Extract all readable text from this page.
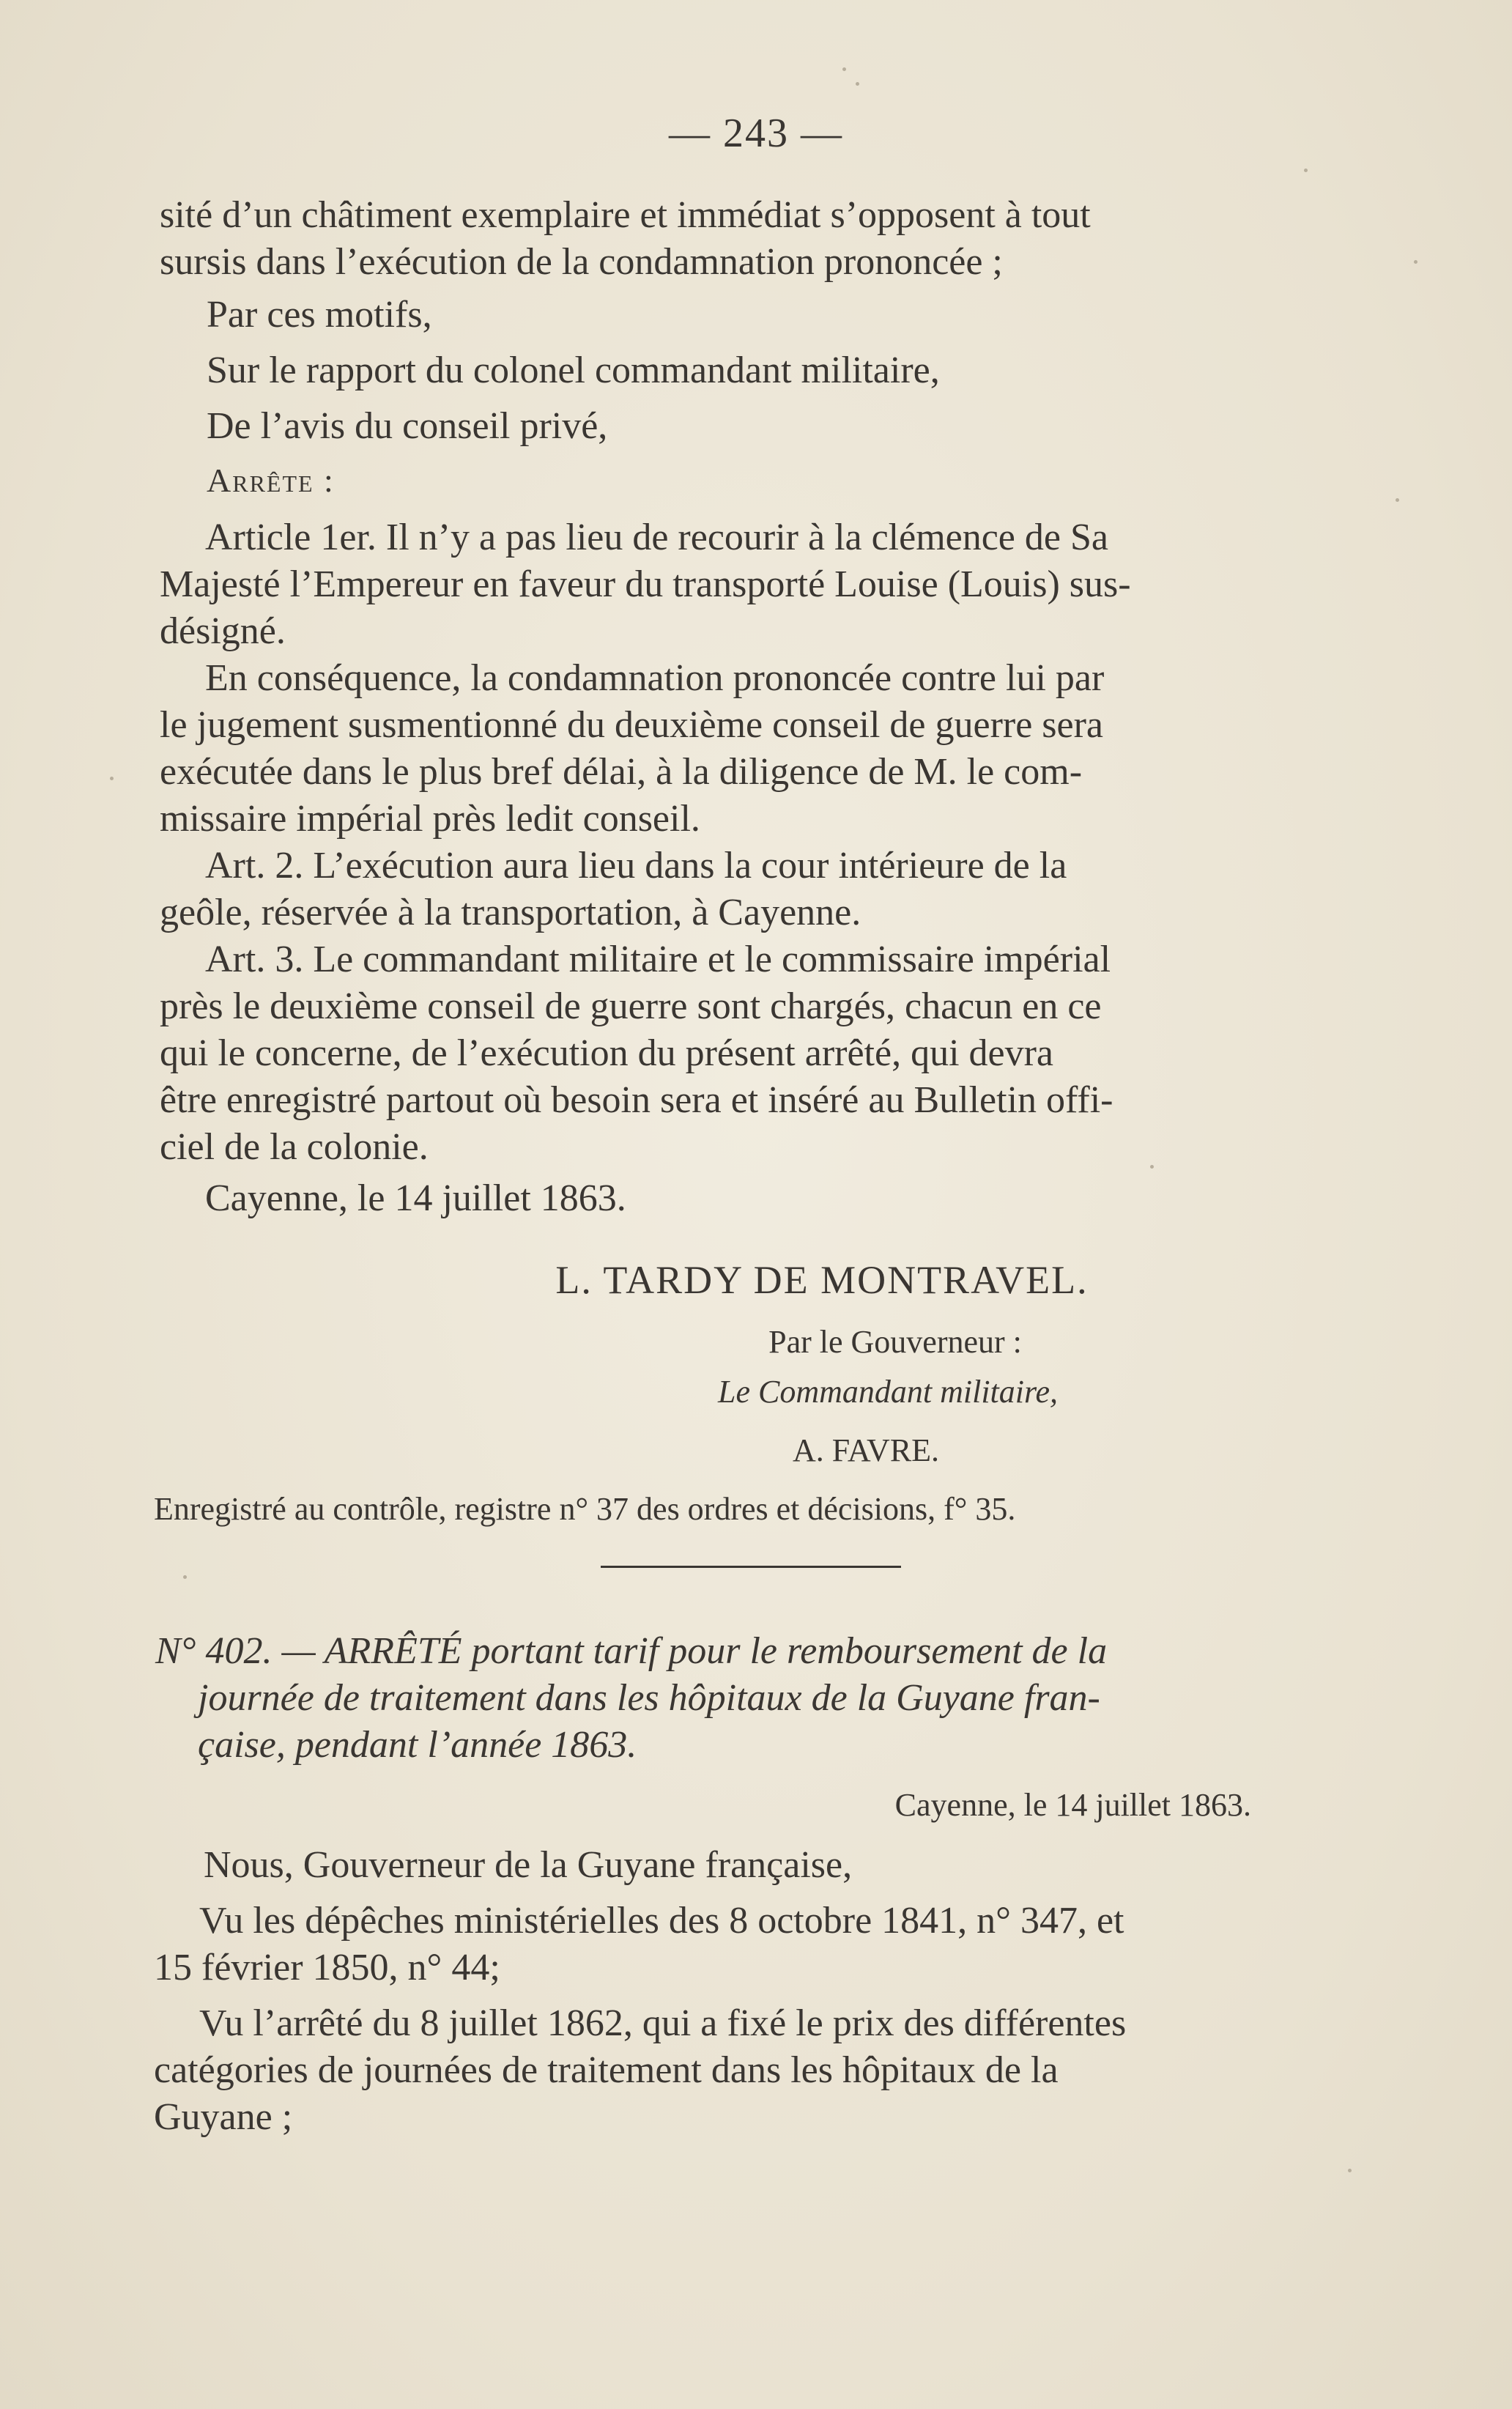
— 243 —
sité d’un châtiment exemplaire et immédiat s’opposent à tout
sursis dans l’exécution de la condamnation prononcée ;
Par ces motifs,
Sur le rapport du colonel commandant militaire,
De l’avis du conseil privé,
Arrête :
Article 1er. Il n’y a pas lieu de recourir à la clémence de Sa
Majesté l’Empereur en faveur du transporté Louise (Louis) sus-
désigné.
En conséquence, la condamnation prononcée contre lui par
le jugement susmentionné du deuxième conseil de guerre sera
exécutée dans le plus bref délai, à la diligence de M. le com-
missaire impérial près ledit conseil.
Art. 2. L’exécution aura lieu dans la cour intérieure de la
geôle, réservée à la transportation, à Cayenne.
Art. 3. Le commandant militaire et le commissaire impérial
près le deuxième conseil de guerre sont chargés, chacun en ce
qui le concerne, de l’exécution du présent arrêté, qui devra
être enregistré partout où besoin sera et inséré au Bulletin offi-
ciel de la colonie.
Cayenne, le 14 juillet 1863.
L. TARDY DE MONTRAVEL.
Par le Gouverneur :
Le Commandant militaire,
A. FAVRE.
Enregistré au contrôle, registre n° 37 des ordres et décisions, f° 35.
N° 402. — ARRÊTÉ portant tarif pour le remboursement de la
journée de traitement dans les hôpitaux de la Guyane fran-
çaise, pendant l’année 1863.
Cayenne, le 14 juillet 1863.
Nous, Gouverneur de la Guyane française,
Vu les dépêches ministérielles des 8 octobre 1841, n° 347, et
15 février 1850, n° 44;
Vu l’arrêté du 8 juillet 1862, qui a fixé le prix des différentes
catégories de journées de traitement dans les hôpitaux de la
Guyane ;
